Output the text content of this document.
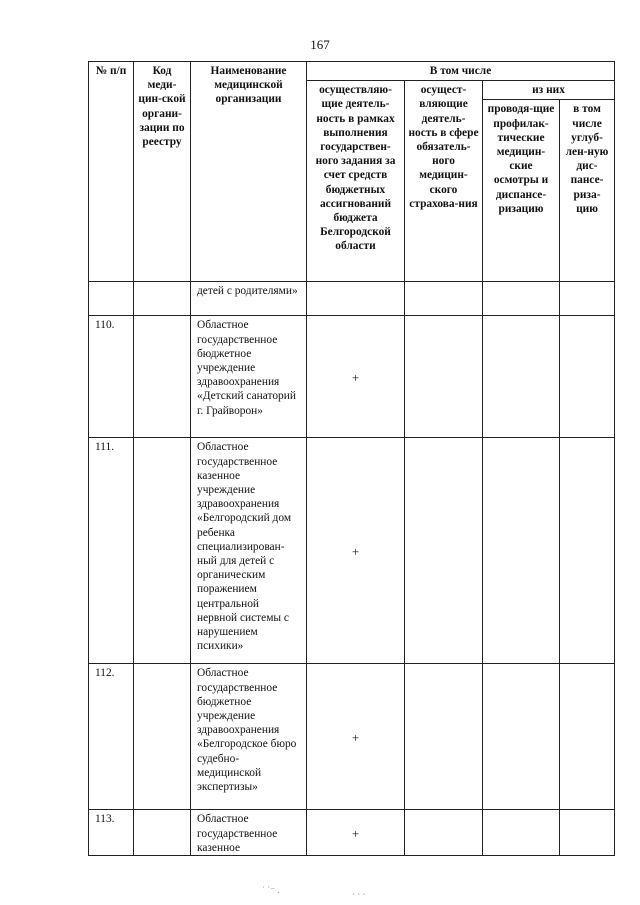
167
№ п/п	Код меди-цин-ской органи-зации по реестру	Наименование медицинской организации	В том числе			

			осуществляю-щие деятель-ность в рамках выполнения государствен-ного задания за счет средств бюджетных ассигнований бюджета Белгородской области	осущест-вляющие деятель-ность в сфере обязатель-ного медицин-ского страхова-ния	из них	

					проводя-щие профилак-тические медицин-ские осмотры и диспансе-ризацию	в том числе углуб-лен-ную дис-пансе-риза-цию

		детей с родителями»				

110.		Областное государственное бюджетное учреждение здравоохранения «Детский санаторий г. Грайворон»	+			

111.		Областное государственное казенное учреждение здравоохранения «Белгородский дом ребенка специализирован-ный для детей с органическим поражением центральной нервной системы с нарушением психики»	+			

112.		Областное государственное бюджетное учреждение здравоохранения «Белгородское бюро судебно-медицинской экспертизы»	+			

113.		Областное государственное казенное	+			

˙ ˙⁻ .	ˎ ˏ ˎ
